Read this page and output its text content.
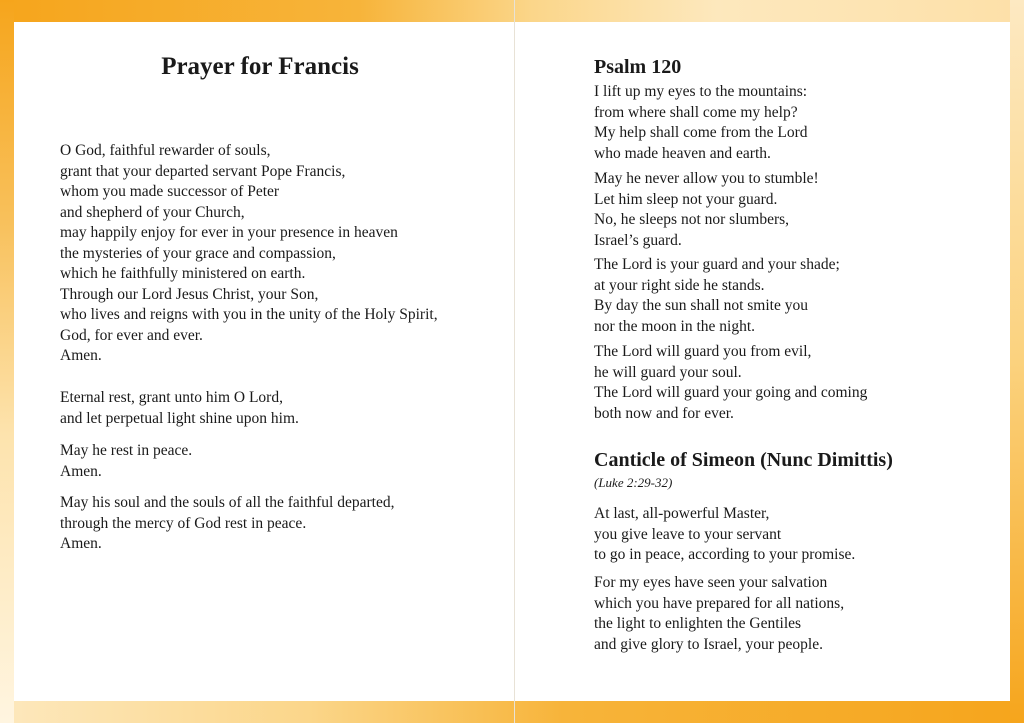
Prayer for Francis
O God, faithful rewarder of souls,
grant that your departed servant Pope Francis,
whom you made successor of Peter
and shepherd of your Church,
may happily enjoy for ever in your presence in heaven
the mysteries of your grace and compassion,
which he faithfully ministered on earth.
Through our Lord Jesus Christ, your Son,
who lives and reigns with you in the unity of the Holy Spirit,
God, for ever and ever.
Amen.
Eternal rest, grant unto him O Lord,
and let perpetual light shine upon him.
May he rest in peace.
Amen.
May his soul and the souls of all the faithful departed,
through the mercy of God rest in peace.
Amen.
Psalm 120
I lift up my eyes to the mountains:
from where shall come my help?
My help shall come from the Lord
who made heaven and earth.
May he never allow you to stumble!
Let him sleep not your guard.
No, he sleeps not nor slumbers,
Israel’s guard.
The Lord is your guard and your shade;
at your right side he stands.
By day the sun shall not smite you
nor the moon in the night.
The Lord will guard you from evil,
he will guard your soul.
The Lord will guard your going and coming
both now and for ever.
Canticle of Simeon (Nunc Dimittis)
(Luke 2:29-32)
At last, all-powerful Master,
you give leave to your servant
to go in peace, according to your promise.
For my eyes have seen your salvation
which you have prepared for all nations,
the light to enlighten the Gentiles
and give glory to Israel, your people.
